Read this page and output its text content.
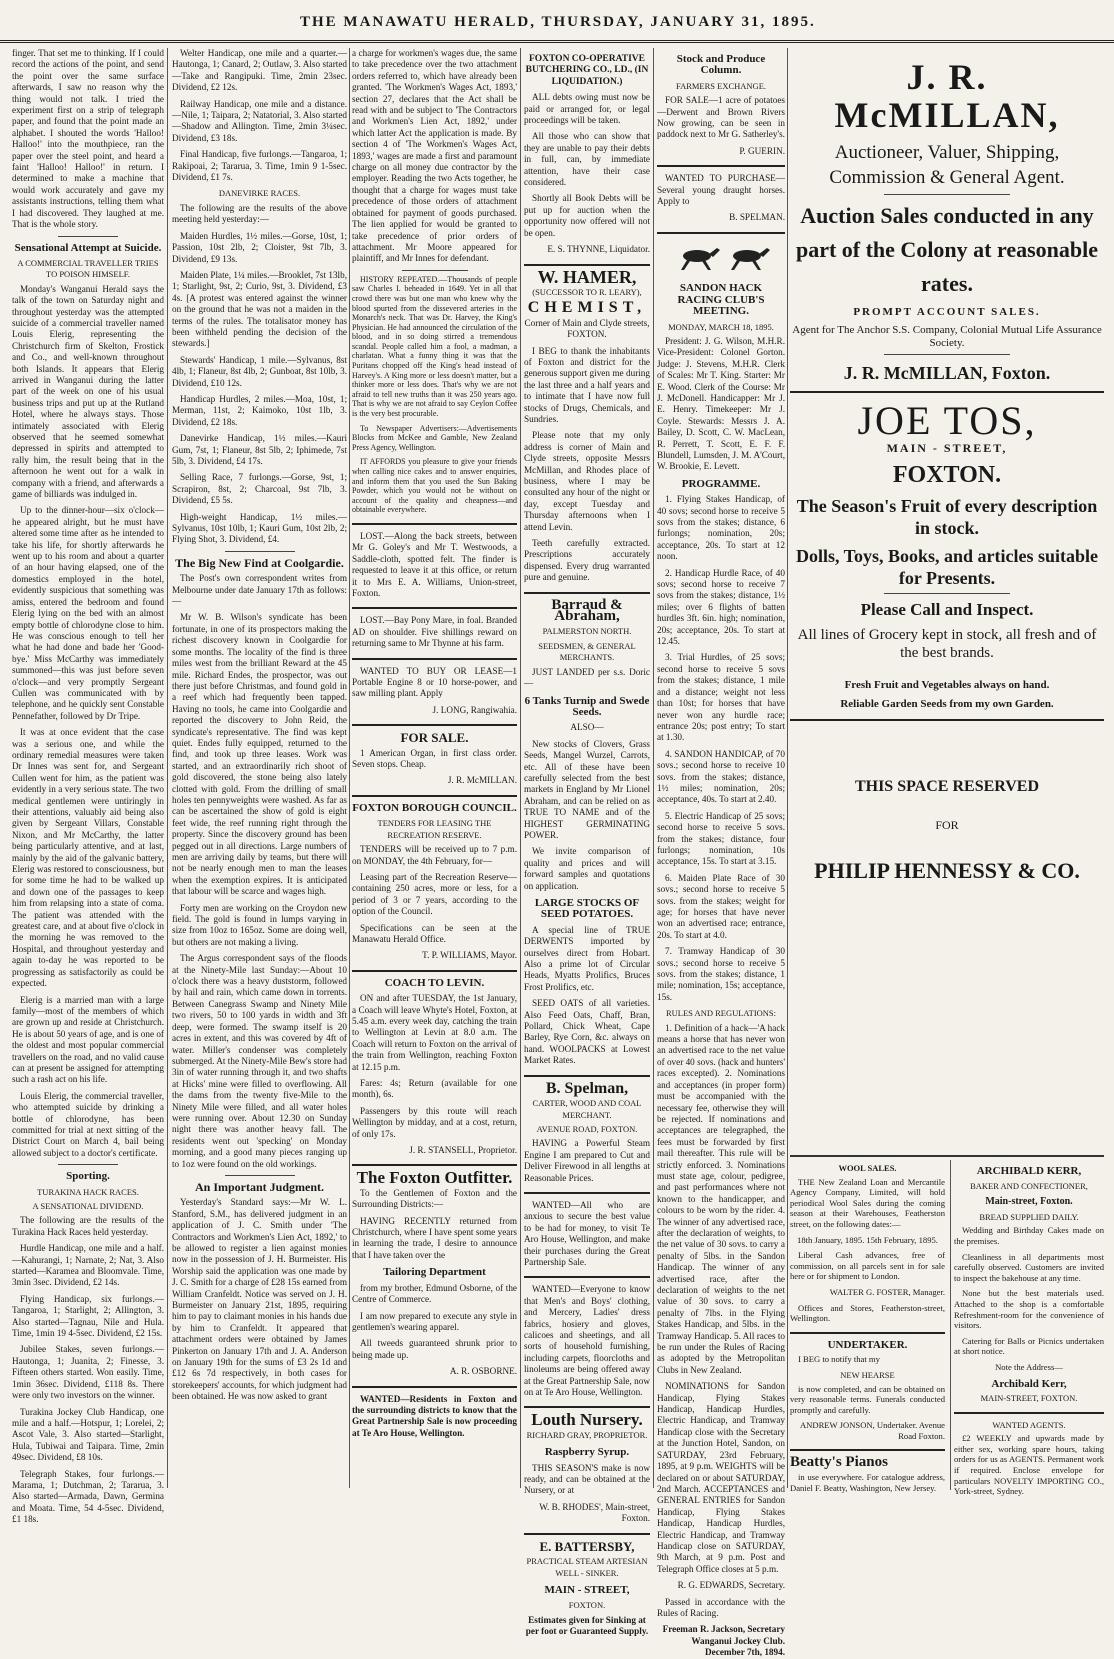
THE MANAWATU HERALD, THURSDAY, JANUARY 31, 1895.

finger. That set me to thinking. If I could record the actions of the point, and send the point over the same surface afterwards, I saw no reason why the thing would not talk. I tried the experiment first on a strip of telegraph paper, and found that the point made an alphabet. I shouted the words 'Halloo! Halloo!' into the mouthpiece, ran the paper over the steel point, and heard a faint 'Halloo! Halloo!' in return. I determined to make a machine that would work accurately and gave my assistants instructions, telling them what I had discovered. They laughed at me. That is the whole story.

Sensational Attempt at Suicide.
A COMMERCIAL TRAVELLER TRIES TO POISON HIMSELF.

Monday's Wanganui Herald says the talk of the town on Saturday night and throughout yesterday was the attempted suicide of a commercial traveller named Louis Elerig, representing the Christchurch firm of Skelton, Frostick and Co., and well-known throughout both Islands. It appears that Elerig arrived in Wanganui during the latter part of the week on one of his usual business trips and put up at the Rutland Hotel, where he always stays. Those intimately associated with Elerig observed that he seemed somewhat depressed in spirits and attempted to rally him, the result being that in the afternoon he went out for a walk in company with a friend, and afterwards a game of billiards was indulged in.

Up to the dinner-hour—six o'clock—he appeared alright, but he must have altered some time after as he intended to take his life, for shortly afterwards he went up to his room and about a quarter of an hour having elapsed, one of the domestics employed in the hotel, evidently suspicious that something was amiss, entered the bedroom and found Elerig lying on the bed with an almost empty bottle of chlorodyne close to him. He was conscious enough to tell her what he had done and bade her 'Good-bye.' Miss McCarthy was immediately summoned—this was just before seven o'clock—and very promptly Sergeant Cullen was communicated with by telephone, and he quickly sent Constable Pennefather, followed by Dr Tripe.

It was at once evident that the case was a serious one, and while the ordinary remedial measures were taken Dr Innes was sent for, and Sergeant Cullen went for him, as the patient was evidently in a very serious state. The two medical gentlemen were untiringly in their attentions, valuably aid being also given by Sergeant Villars, Constable Nixon, and Mr McCarthy, the latter being particularly attentive, and at last, mainly by the aid of the galvanic battery, Elerig was restored to consciousness, but for some time he had to be walked up and down one of the passages to keep him from relapsing into a state of coma. The patient was attended with the greatest care, and at about five o'clock in the morning he was removed to the Hospital, and throughout yesterday and again to-day he was reported to be progressing as satisfactorily as could be expected.

Elerig is a married man with a large family—most of the members of which are grown up and reside at Christchurch. He is about 50 years of age, and is one of the oldest and most popular commercial travellers on the road, and no valid cause can at present be assigned for attempting such a rash act on his life.

Louis Elerig, the commercial traveller, who attempted suicide by drinking a bottle of chlorodyne, has been committed for trial at next sitting of the District Court on March 4, bail being allowed subject to a doctor's certificate.

Sporting.
TURAKINA HACK RACES.
A SENSATIONAL DIVIDEND.

The following are the results of the Turakina Hack Races held yesterday.

Hurdle Handicap, one mile and a half.—Kahurangi, 1; Narnate, 2; Nat, 3. Also started—Karamea and Bloomvale. Time, 3min 3sec. Dividend, £2 14s.

Flying Handicap, six furlongs.—Tangaroa, 1; Starlight, 2; Allington, 3. Also started—Tagnau, Nile and Hula. Time, 1min 19 4-5sec. Dividend, £2 15s.

Jubilee Stakes, seven furlongs.—Hautonga, 1; Juanita, 2; Finesse, 3. Fifteen others started. Won easily. Time, 1min 36sec. Dividend, £118 8s. There were only two investors on the winner.

Turakina Jockey Club Handicap, one mile and a half.—Hotspur, 1; Lorelei, 2; Ascot Vale, 3. Also started—Starlight, Hula, Tubiwai and Taipara. Time, 2min 49sec. Dividend, £8 10s.

Telegraph Stakes, four furlongs.—Marama, 1; Dutchman, 2; Tararua, 3. Also started—Armada, Dawn, Germina and Moata. Time, 54 4-5sec. Dividend, £1 18s.

Welter Handicap, one mile and a quarter.—Hautonga, 1; Canard, 2; Outlaw, 3. Also started—Take and Rangipuki. Time, 2min 23sec. Dividend, £2 12s.

Railway Handicap, one mile and a distance.—Nile, 1; Taipara, 2; Natatorial, 3. Also started—Shadow and Allington. Time, 2min 3¼sec. Dividend, £3 18s.

Final Handicap, five furlongs.—Tangaroa, 1; Rakipoai, 2; Tararua, 3. Time, 1min 9 1-5sec. Dividend, £1 7s.

DANEVIRKE RACES.

The following are the results of the above meeting held yesterday:—

Maiden Hurdles, 1½ miles.—Gorse, 10st, 1; Passion, 10st 2lb, 2; Cloister, 9st 7lb, 3. Dividend, £9 13s.

Maiden Plate, 1¼ miles.—Brooklet, 7st 13lb, 1; Starlight, 9st, 2; Curio, 9st, 3. Dividend, £3 4s. [A protest was entered against the winner on the ground that he was not a maiden in the terms of the rules. The totalisator money has been withheld pending the decision of the stewards.]

Stewards' Handicap, 1 mile.—Sylvanus, 8st 4lb, 1; Flaneur, 8st 4lb, 2; Gunboat, 8st 10lb, 3. Dividend, £10 12s.

Handicap Hurdles, 2 miles.—Moa, 10st, 1; Merman, 11st, 2; Kaimoko, 10st 1lb, 3. Dividend, £2 18s.

Danevirke Handicap, 1½ miles.—Kauri Gum, 7st, 1; Flaneur, 8st 5lb, 2; Iphimede, 7st 5lb, 3. Dividend, £4 17s.

Selling Race, 7 furlongs.—Gorse, 9st, 1; Scrapiron, 8st, 2; Charcoal, 9st 7lb, 3. Dividend, £5 5s.

High-weight Handicap, 1½ miles.—Sylvanus, 10st 10lb, 1; Kauri Gum, 10st 2lb, 2; Flying Shot, 3. Dividend, £4.

The Big New Find at Coolgardie.

The Post's own correspondent writes from Melbourne under date January 17th as follows:—

Mr W. B. Wilson's syndicate has been fortunate, in one of its prospectors making the richest discovery known in Coolgardie for some months. The locality of the find is three miles west from the brilliant Reward at the 45 mile. Richard Endes, the prospector, was out there just before Christmas, and found gold in a reef which had frequently been tapped. Having no tools, he came into Coolgardie and reported the discovery to John Reid, the syndicate's representative. The find was kept quiet. Endes fully equipped, returned to the find, and took up three leases. Work was started, and an extraordinarily rich shoot of gold discovered, the stone being also lately clotted with gold. From the drilling of small holes ten pennyweights were washed. As far as can be ascertained the show of gold is eight feet wide, the reef running right through the property. Since the discovery ground has been pegged out in all directions. Large numbers of men are arriving daily by teams, but there will not be nearly enough men to man the leases when the exemption expires. It is anticipated that labour will be scarce and wages high.

Forty men are working on the Croydon new field. The gold is found in lumps varying in size from 10oz to 165oz. Some are doing well, but others are not making a living.

The Argus correspondent says of the floods at the Ninety-Mile last Sunday:—About 10 o'clock there was a heavy duststorm, followed by hail and rain, which came down in torrents. Between Canegrass Swamp and Ninety Mile two rivers, 50 to 100 yards in width and 3ft deep, were formed. The swamp itself is 20 acres in extent, and this was covered by 4ft of water. Miller's condenser was completely submerged. At the Ninety-Mile Bew's store had 3in of water running through it, and two shafts at Hicks' mine were filled to overflowing. All the dams from the twenty five-Mile to the Ninety Mile were filled, and all water holes were running over. About 12.30 on Sunday night there was another heavy fall. The residents went out 'specking' on Monday morning, and a good many pieces ranging up to 1oz were found on the old workings.

An Important Judgment.

Yesterday's Standard says:—Mr W. L. Stanford, S.M., has delivered judgment in an application of J. C. Smith under 'The Contractors and Workmen's Lien Act, 1892,' to be allowed to register a lien against monies now in the possession of J. H. Burmeister. His Worship said the application was one made by J. C. Smith for a charge of £28 15s earned from William Cranfeldt. Notice was served on J. H. Burmeister on January 21st, 1895, requiring him to pay to claimant monies in his hands due by him to Cranfeldt. It appeared that attachment orders were obtained by James Pinkerton on January 17th and J. A. Anderson on January 19th for the sums of £3 2s 1d and £12 6s 7d respectively, in both cases for storekeepers' accounts, for which judgment had been obtained. He was now asked to grant

a charge for workmen's wages due, the same to take precedence over the two attachment orders referred to, which have already been granted. 'The Workmen's Wages Act, 1893,' section 27, declares that the Act shall be read with and be subject to 'The Contractors and Workmen's Lien Act, 1892,' under which latter Act the application is made. By section 4 of 'The Workmen's Wages Act, 1893,' wages are made a first and paramount charge on all money due contractor by the employer. Reading the two Acts together, he thought that a charge for wages must take precedence of those orders of attachment obtained for payment of goods purchased. The lien applied for would be granted to take precedence of prior orders of attachment. Mr Moore appeared for plaintiff, and Mr Innes for defendant.

HISTORY REPEATED.—Thousands of people saw Charles I. beheaded in 1649. Yet in all that crowd there was but one man who knew why the blood spurted from the dissevered arteries in the Monarch's neck. That was Dr. Harvey, the King's Physician. He had announced the circulation of the blood, and in so doing stirred a tremendous scandal. People called him a fool, a madman, a charlatan. What a funny thing it was that the Puritans chopped off the King's head instead of Harvey's. A King more or less doesn't matter, but a thinker more or less does. That's why we are not afraid to tell new truths than it was 250 years ago. That is why we are not afraid to say Ceylon Coffee is the very best procurable.

To Newspaper Advertisers:—Advertisements Blocks from McKee and Gamble, New Zealand Press Agency, Wellington.

IT AFFORDS you pleasure to give your friends when calling nice cakes and to answer enquiries, and inform them that you used the Sun Baking Powder, which you would not be without on account of the quality and cheapness—and obtainable everywhere.

LOST.—Along the back streets, between Mr G. Goley's and Mr T. Westwoods, a Saddle-cloth, spotted felt. The finder is requested to leave it at this office, or return it to Mrs E. A. Williams, Union-street, Foxton.

LOST.—Bay Pony Mare, in foal. Branded AD on shoulder. Five shillings reward on returning same to Mr Thynne at his farm.

WANTED TO BUY OR LEASE—1 Portable Engine 8 or 10 horse-power, and saw milling plant. Apply

J. LONG, Rangiwahia.

FOR SALE.

1 American Organ, in first class order. Seven stops. Cheap.

J. R. McMILLAN.

FOXTON BOROUGH COUNCIL.
TENDERS FOR LEASING THE RECREATION RESERVE.

TENDERS will be received up to 7 p.m. on MONDAY, the 4th February, for—

Leasing part of the Recreation Reserve—containing 250 acres, more or less, for a period of 3 or 7 years, according to the option of the Council.

Specifications can be seen at the Manawatu Herald Office.

T. P. WILLIAMS, Mayor.

COACH TO LEVIN.

ON and after TUESDAY, the 1st January, a Coach will leave Whyte's Hotel, Foxton, at 5.45 a.m. every week day, catching the train to Wellington at Levin at 8.0 a.m. The Coach will return to Foxton on the arrival of the train from Wellington, reaching Foxton at 12.15 p.m.

Fares: 4s; Return (available for one month), 6s.

Passengers by this route will reach Wellington by midday, and at a cost, return, of only 17s.

J. R. STANSELL, Proprietor.

The Foxton Outfitter.

To the Gentlemen of Foxton and the Surrounding Districts:—

HAVING RECENTLY returned from Christchurch, where I have spent some years in learning the trade, I desire to announce that I have taken over the

Tailoring Department

from my brother, Edmund Osborne, of the Centre of Commerce.

I am now prepared to execute any style in gentlemen's wearing apparel.

All tweeds guaranteed shrunk prior to being made up.

A. R. OSBORNE.

WANTED—Residents in Foxton and the surrounding districts to know that the Great Partnership Sale is now proceeding at Te Aro House, Wellington.

FOXTON CO-OPERATIVE BUTCHERING CO., LD., (IN LIQUIDATION.)

ALL debts owing must now be paid or arranged for, or legal proceedings will be taken.

All those who can show that they are unable to pay their debts in full, can, by immediate attention, have their case considered.

Shortly all Book Debts will be put up for auction when the opportunity now offered will not be open.

E. S. THYNNE, Liquidator.

W. HAMER,
(SUCCESSOR TO R. LEARY),
CHEMIST,

Corner of Main and Clyde streets, FOXTON.

I BEG to thank the inhabitants of Foxton and district for the generous support given me during the last three and a half years and to intimate that I have now full stocks of Drugs, Chemicals, and Sundries.

Please note that my only address is corner of Main and Clyde streets, opposite Messrs McMillan, and Rhodes place of business, where I may be consulted any hour of the night or day, except Tuesday and Thursday afternoons when I attend Levin.

Teeth carefully extracted. Prescriptions accurately dispensed. Every drug warranted pure and genuine.

Barraud & Abraham,
PALMERSTON NORTH.
SEEDSMEN, & GENERAL MERCHANTS.

JUST LANDED per s.s. Doric—

6 Tanks Turnip and Swede Seeds.

ALSO—

New stocks of Clovers, Grass Seeds, Mangel Wurzel, Carrots, etc. All of these have been carefully selected from the best markets in England by Mr Lionel Abraham, and can be relied on as TRUE TO NAME and of the HIGHEST GERMINATING POWER.

We invite comparison of quality and prices and will forward samples and quotations on application.

LARGE STOCKS OF SEED POTATOES.

A special line of TRUE DERWENTS imported by ourselves direct from Hobart. Also a prime lot of Circular Heads, Myatts Prolifics, Bruces Frost Prolifics, etc.

SEED OATS of all varieties. Also Feed Oats, Chaff, Bran, Pollard, Chick Wheat, Cape Barley, Rye Corn, &c. always on hand. WOOLPACKS at Lowest Market Rates.

B. Spelman,
CARTER, WOOD AND COAL MERCHANT.
AVENUE ROAD, FOXTON.

HAVING a Powerful Steam Engine I am prepared to Cut and Deliver Firewood in all lengths at Reasonable Prices.

WANTED—All who are anxious to secure the best value to be had for money, to visit Te Aro House, Wellington, and make their purchases during the Great Partnership Sale.

WANTED—Everyone to know that Men's and Boys' clothing, and Mercery, Ladies' dress fabrics, hosiery and gloves, calicoes and sheetings, and all sorts of household furnishing, including carpets, floorcloths and linoleums are being offered away at the Great Partnership Sale, now on at Te Aro House, Wellington.

Louth Nursery.
RICHARD GRAY, PROPRIETOR.
Raspberry Syrup.

THIS SEASON'S make is now ready, and can be obtained at the Nursery, or at

W. B. RHODES', Main-street, Foxton.

E. BATTERSBY,
PRACTICAL STEAM ARTESIAN WELL - SINKER.
MAIN - STREET,
FOXTON.

Estimates given for Sinking at per foot or Guaranteed Supply.

Stock and Produce Column.
FARMERS EXCHANGE.

FOR SALE—1 acre of potatoes—Derwent and Brown Rivers Now growing, can be seen in paddock next to Mr G. Satherley's.

P. GUERIN.

WANTED TO PURCHASE—Several young draught horses. Apply to

B. SPELMAN.

SANDON HACK RACING CLUB'S MEETING.
MONDAY, MARCH 18, 1895.

President: J. G. Wilson, M.H.R. Vice-President: Colonel Gorton. Judge: J. Stevens, M.H.R. Clerk of Scales: Mr T. King. Starter: Mr E. Wood. Clerk of the Course: Mr J. McDonell. Handicapper: Mr J. E. Henry. Timekeeper: Mr J. Coyle. Stewards: Messrs J. A. Bailey, D. Scott, C. W. MacLean, R. Perrett, T. Scott, E. F. F. Blundell, Lumsden, J. M. A'Court, W. Brookie, E. Levett.

PROGRAMME.

1. Flying Stakes Handicap, of 40 sovs; second horse to receive 5 sovs from the stakes; distance, 6 furlongs; nomination, 20s; acceptance, 20s. To start at 12 noon.

2. Handicap Hurdle Race, of 40 sovs; second horse to receive 7 sovs from the stakes; distance, 1½ miles; over 6 flights of batten hurdles 3ft. 6in. high; nomination, 20s; acceptance, 20s. To start at 12.45.

3. Trial Hurdles, of 25 sovs; second horse to receive 5 sovs from the stakes; distance, 1 mile and a distance; weight not less than 10st; for horses that have never won any hurdle race; entrance 20s; post entry; To start at 1.30.

4. SANDON HANDICAP, of 70 sovs.; second horse to receive 10 sovs. from the stakes; distance, 1½ miles; nomination, 20s; acceptance, 40s. To start at 2.40.

5. Electric Handicap of 25 sovs; second horse to receive 5 sovs. from the stakes; distance, four furlongs; nomination, 10s acceptance, 15s. To start at 3.15.

6. Maiden Plate Race of 30 sovs.; second horse to receive 5 sovs. from the stakes; weight for age; for horses that have never won an advertised race; entrance, 20s. To start at 4.0.

7. Tramway Handicap of 30 sovs.; second horse to receive 5 sovs. from the stakes; distance, 1 mile; nomination, 15s; acceptance, 15s.

RULES AND REGULATIONS:

1. Definition of a hack—'A hack means a horse that has never won an advertised race to the net value of over 40 sovs. (hack and hunters' races excepted). 2. Nominations and acceptances (in proper form) must be accompanied with the necessary fee, otherwise they will be rejected. If nominations and acceptances are telegraphed, the fees must be forwarded by first mail thereafter. This rule will be strictly enforced. 3. Nominations must state age, colour, pedigree, and past performances where not known to the handicapper, and colours to be worn by the rider. 4. The winner of any advertised race, after the declaration of weights, to the net value of 30 sovs. to carry a penalty of 5lbs. in the Sandon Handicap. The winner of any advertised race, after the declaration of weights to the net value of 30 sovs. to carry a penalty of 7lbs. in the Flying Stakes Handicap, and 5lbs. in the Tramway Handicap. 5. All races to be run under the Rules of Racing as adopted by the Metropolitan Clubs in New Zealand.

NOMINATIONS for Sandon Handicap, Flying Stakes Handicap, Handicap Hurdles, Electric Handicap, and Tramway Handicap close with the Secretary at the Junction Hotel, Sandon, on SATURDAY, 23rd February, 1895, at 9 p.m. WEIGHTS will be declared on or about SATURDAY, 2nd March. ACCEPTANCES and GENERAL ENTRIES for Sandon Handicap, Flying Stakes Handicap, Handicap Hurdles, Electric Handicap, and Tramway Handicap close on SATURDAY, 9th March, at 9 p.m. Post and Telegraph Office closes at 5 p.m.

R. G. EDWARDS, Secretary.

Passed in accordance with the Rules of Racing.

Freeman R. Jackson, Secretary Wanganui Jockey Club. December 7th, 1894.

J. R. McMILLAN,
Auctioneer, Valuer, Shipping, Commission & General Agent.
Auction Sales conducted in any part of the Colony at reasonable rates.
PROMPT ACCOUNT SALES.
Agent for The Anchor S.S. Company, Colonial Mutual Life Assurance Society.
J. R. McMILLAN, Foxton.
JOE TOS,
MAIN - STREET,
FOXTON.
The Season's Fruit of every description in stock.
Dolls, Toys, Books, and articles suitable for Presents.
Please Call and Inspect.
All lines of Grocery kept in stock, all fresh and of the best brands.
Fresh Fruit and Vegetables always on hand.
Reliable Garden Seeds from my own Garden.
THIS SPACE RESERVED
FOR
PHILIP HENNESSY & CO.
WOOL SALES.

THE New Zealand Loan and Mercantile Agency Company, Limited, will hold periodical Wool Sales during the coming season at their Warehouses, Featherston street, on the following dates:—

18th January, 1895. 15th February, 1895.

Liberal Cash advances, free of commission, on all parcels sent in for sale here or for shipment to London.

WALTER G. FOSTER, Manager.

Offices and Stores, Featherston-street, Wellington.

UNDERTAKER.

I BEG to notify that my

NEW HEARSE

is now completed, and can be obtained on very reasonable terms. Funerals conducted promptly and carefully.

ANDREW JONSON, Undertaker. Avenue Road Foxton.

Beatty's Pianos

in use everywhere. For catalogue address, Daniel F. Beatty, Washington, New Jersey.

ARCHIBALD KERR,
BAKER AND CONFECTIONER,
Main-street, Foxton.
BREAD SUPPLIED DAILY.

Wedding and Birthday Cakes made on the premises.

Cleanliness in all departments most carefully observed. Customers are invited to inspect the bakehouse at any time.

None but the best materials used. Attached to the shop is a comfortable Refreshment-room for the convenience of visitors.

Catering for Balls or Picnics undertaken at short notice.

Note the Address—

Archibald Kerr,
MAIN-STREET, FOXTON.
WANTED AGENTS.

£2 WEEKLY and upwards made by either sex, working spare hours, taking orders for us as AGENTS. Permanent work if required. Enclose envelope for particulars NOVELTY IMPORTING CO., York-street, Sydney.
